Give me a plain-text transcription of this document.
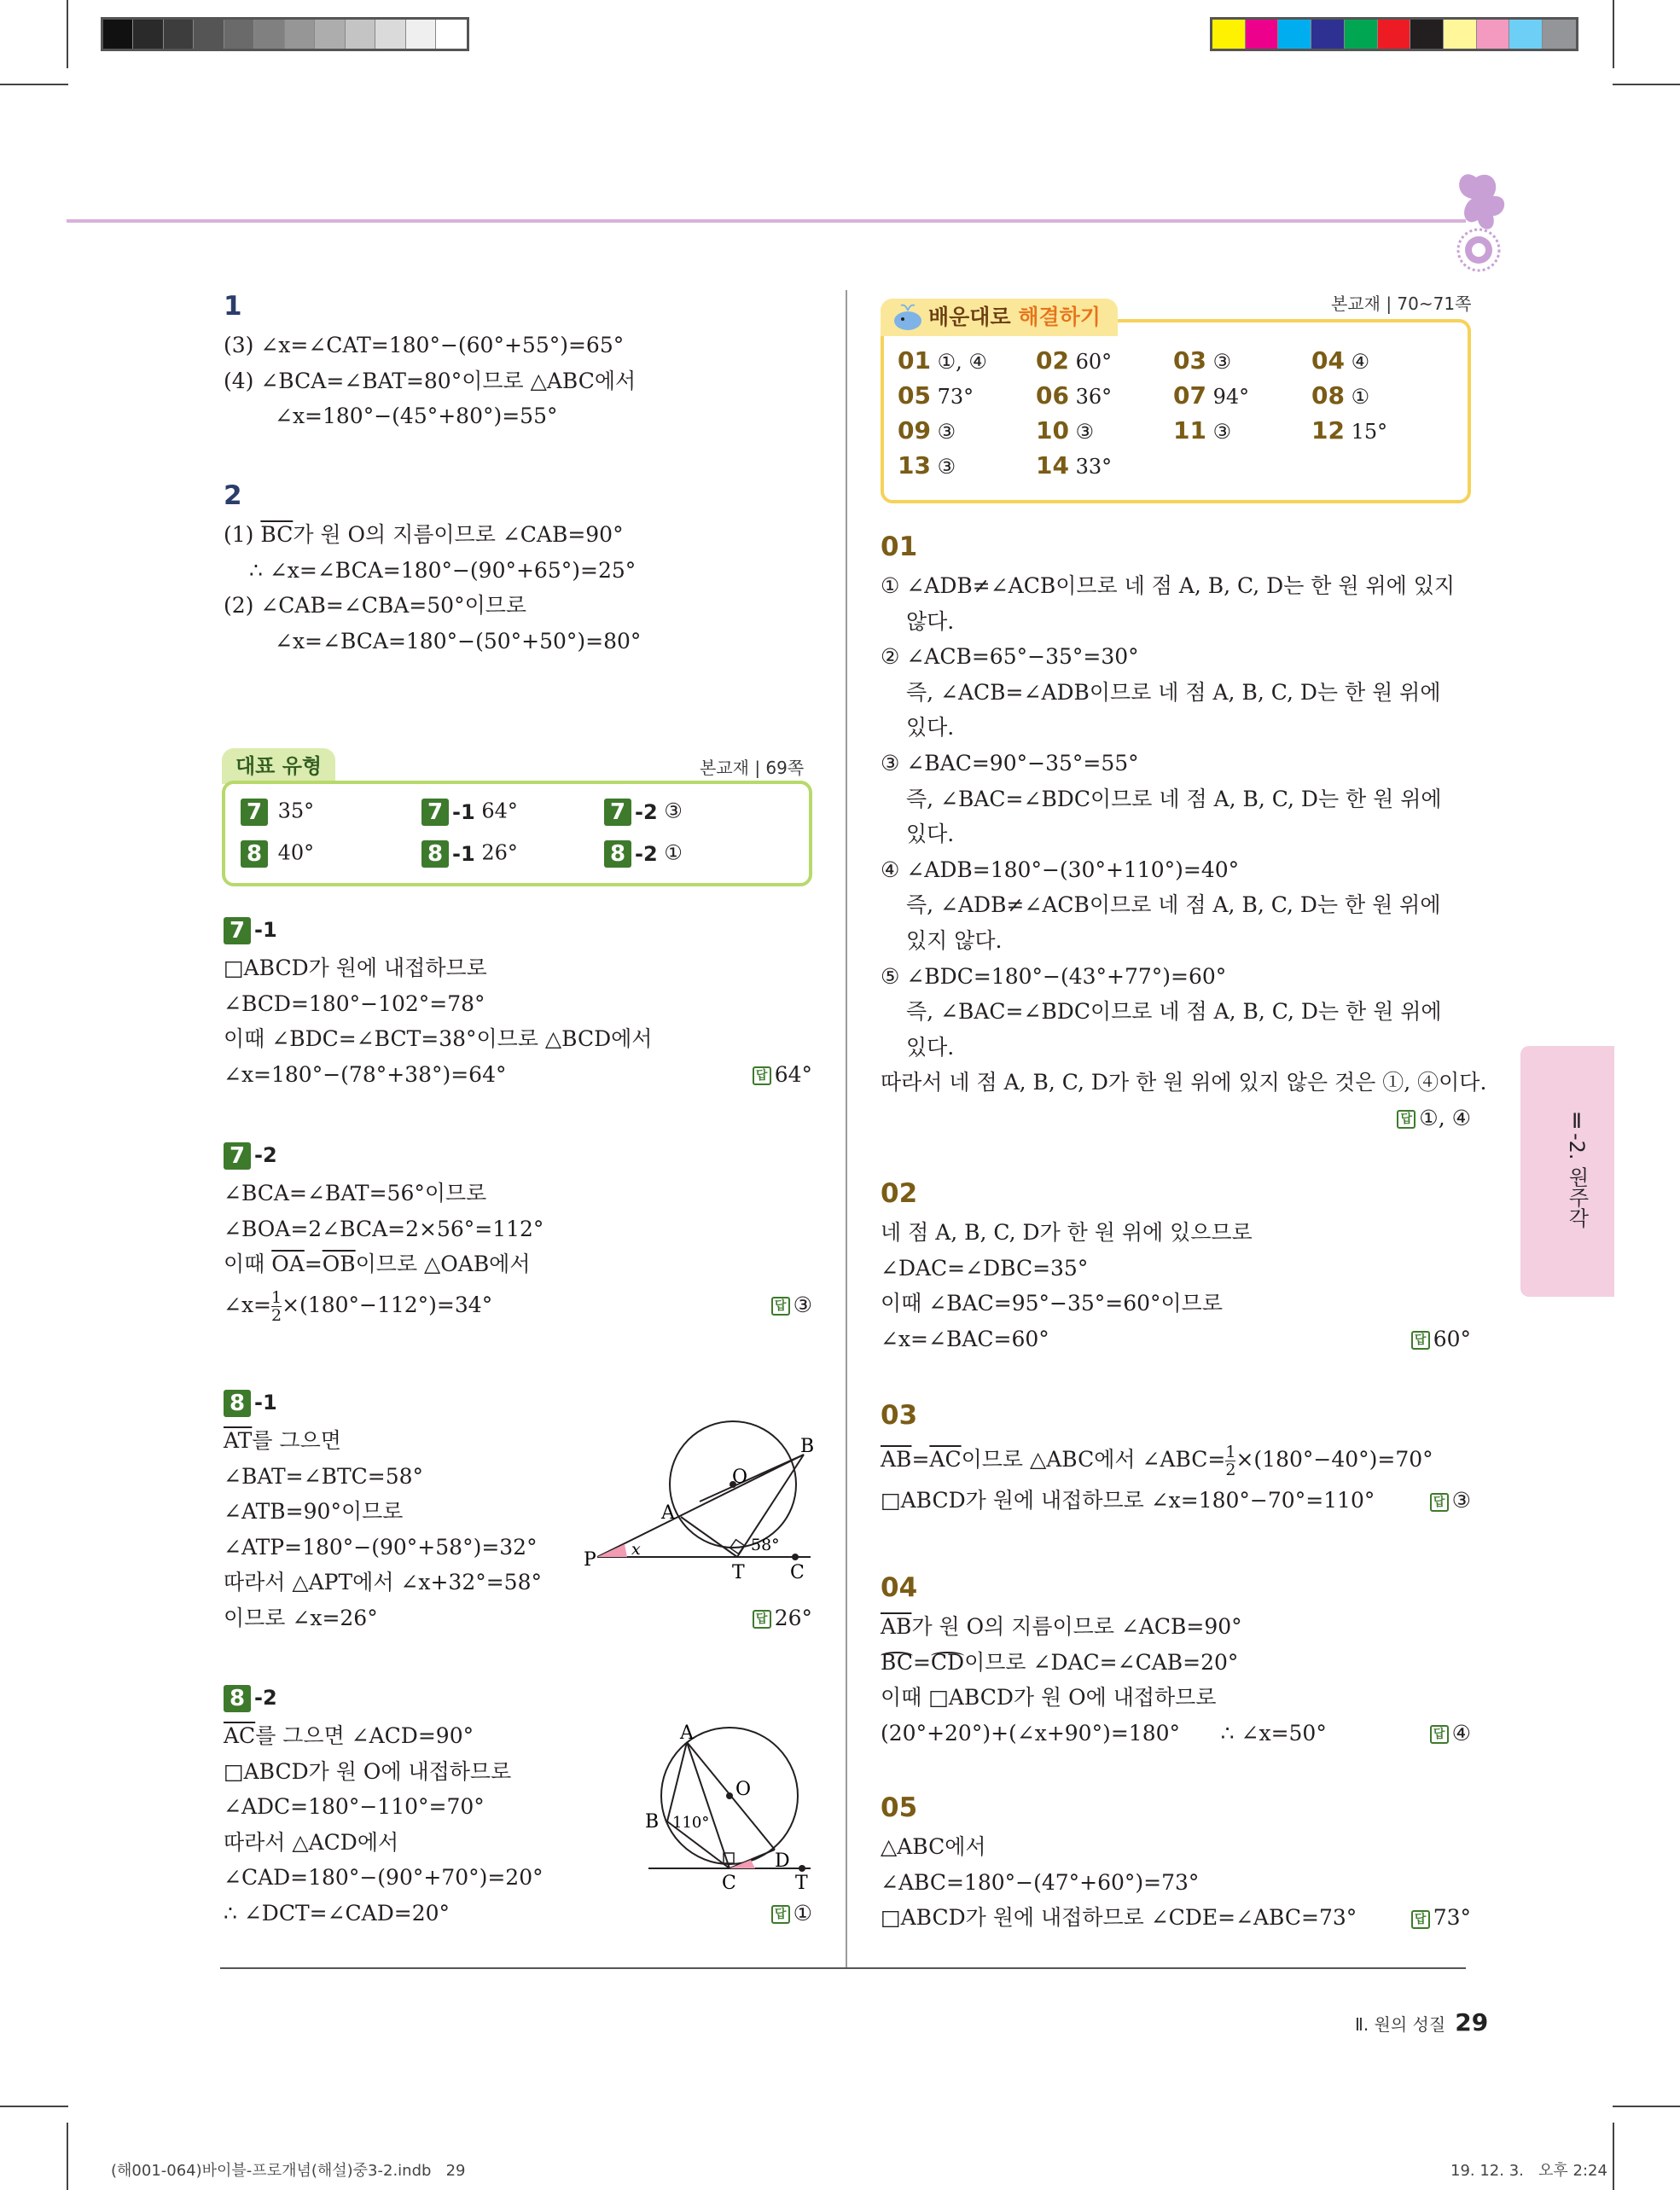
1
(3) ∠x=∠CAT=180°−(60°+55°)=65°
(4) ∠BCA=∠BAT=80°이므로 △ABC에서
∠x=180°−(45°+80°)=55°
2
(1) $\overline{BC}$가 원 O의 지름이므로 ∠CAB=90°
∴ ∠x=∠BCA=180°−(90°+65°)=25°
(2) ∠CAB=∠CBA=50°이므로
∠x=∠BCA=180°−(50°+50°)=80°
대표 유형	본교재 | 69쪽
7 35°	7 -1 64°	7 -2 ③
8 40°	8 -1 26°	8 -2 ①
7 -1
□ABCD가 원에 내접하므로
∠BCD=180°−102°=78°
이때 ∠BDC=∠BCT=38°이므로 △BCD에서
∠x=180°−(78°+38°)=64°	답 64°
7 -2
∠BCA=∠BAT=56°이므로
∠BOA=2∠BCA=2×56°=112°
이때 $\overline{OA}=\overline{OB}$이므로 △OAB에서
∠x= $\frac{1}{2} \times(180^\circ-112^\circ)=34^\circ$	답 ③
8 -1
$\overline{AT}$를 그으면
∠BAT=∠BTC=58°
∠ATB=90°이므로
∠ATP=180°−(90°+58°)=32°
따라서 △APT에서 ∠x+32°=58°
이므로 ∠x=26°	답 26°
O
B
A
P
T C
x	58°
8 -2
$\overline{AC}$를 그으면 ∠ACD=90°
□ABCD가 원 O에 내접하므로
∠ADC=180°−110°=70°
따라서 △ACD에서
∠CAD=180°−(90°+70°)=20°
∴ ∠DCT=∠CAD=20°	답 ①
A
O
B
D
C	T
110°
본교재 | 70~71쪽
배운대로 해결하기
01 ①, ④ 02 60°	03 ③	04 ④
05 73°	06 36°	07 94°	08 ①
09 ③	10 ③	11 ③	12 15°
13 ③	14 33°
01
① ∠ADB≠∠ACB이므로 네 점 A, B, C, D는 한 원 위에 있지
않다.
② ∠ACB=65°−35°=30°
즉, ∠ACB=∠ADB이므로 네 점 A, B, C, D는 한 원 위에
있다.
③ ∠BAC=90°−35°=55°
즉, ∠BAC=∠BDC이므로 네 점 A, B, C, D는 한 원 위에
있다.
④ ∠ADB=180°−(30°+110°)=40°
즉, ∠ADB≠∠ACB이므로 네 점 A, B, C, D는 한 원 위에
있지 않다.
⑤ ∠BDC=180°−(43°+77°)=60°
즉, ∠BAC=∠BDC이므로 네 점 A, B, C, D는 한 원 위에
있다.
따라서 네 점 A, B, C, D가 한 원 위에 있지 않은 것은 ①, ④이다.
답 ①, ④
02
네 점 A, B, C, D가 한 원 위에 있으므로
∠DAC=∠DBC=35°
이때 ∠BAC=95°−35°=60°이므로
∠x=∠BAC=60°	답 60°
03
$\overline{AB}=\overline{AC}$이므로 △ABC에서 ∠ABC= $\frac{1}{2} \times(180^\circ-40^\circ)=70^\circ$
□ABCD가 원에 내접하므로 ∠x=180°−70°=110°	답 ③
04
$\overline{AB}$가 원 O의 지름이므로 ∠ACB=90°
BC
=CD
이므로 ∠DAC=∠CAB=20°
이때 □ABCD가 원 O에 내접하므로
(20°+20°)+(∠x+90°)=180°      ∴ ∠x=50°	답 ④
05
△ABC에서
∠ABC=180°−(47°+60°)=73°
□ABCD가 원에 내접하므로 ∠CDE=∠ABC=73°	답 73°
Ⅱ-2. 원주각
Ⅱ. 원의 성질 29
(해001-064)바이블-프로개념(해설)중3-2.indb   29	19. 12. 3.   오후 2:24
